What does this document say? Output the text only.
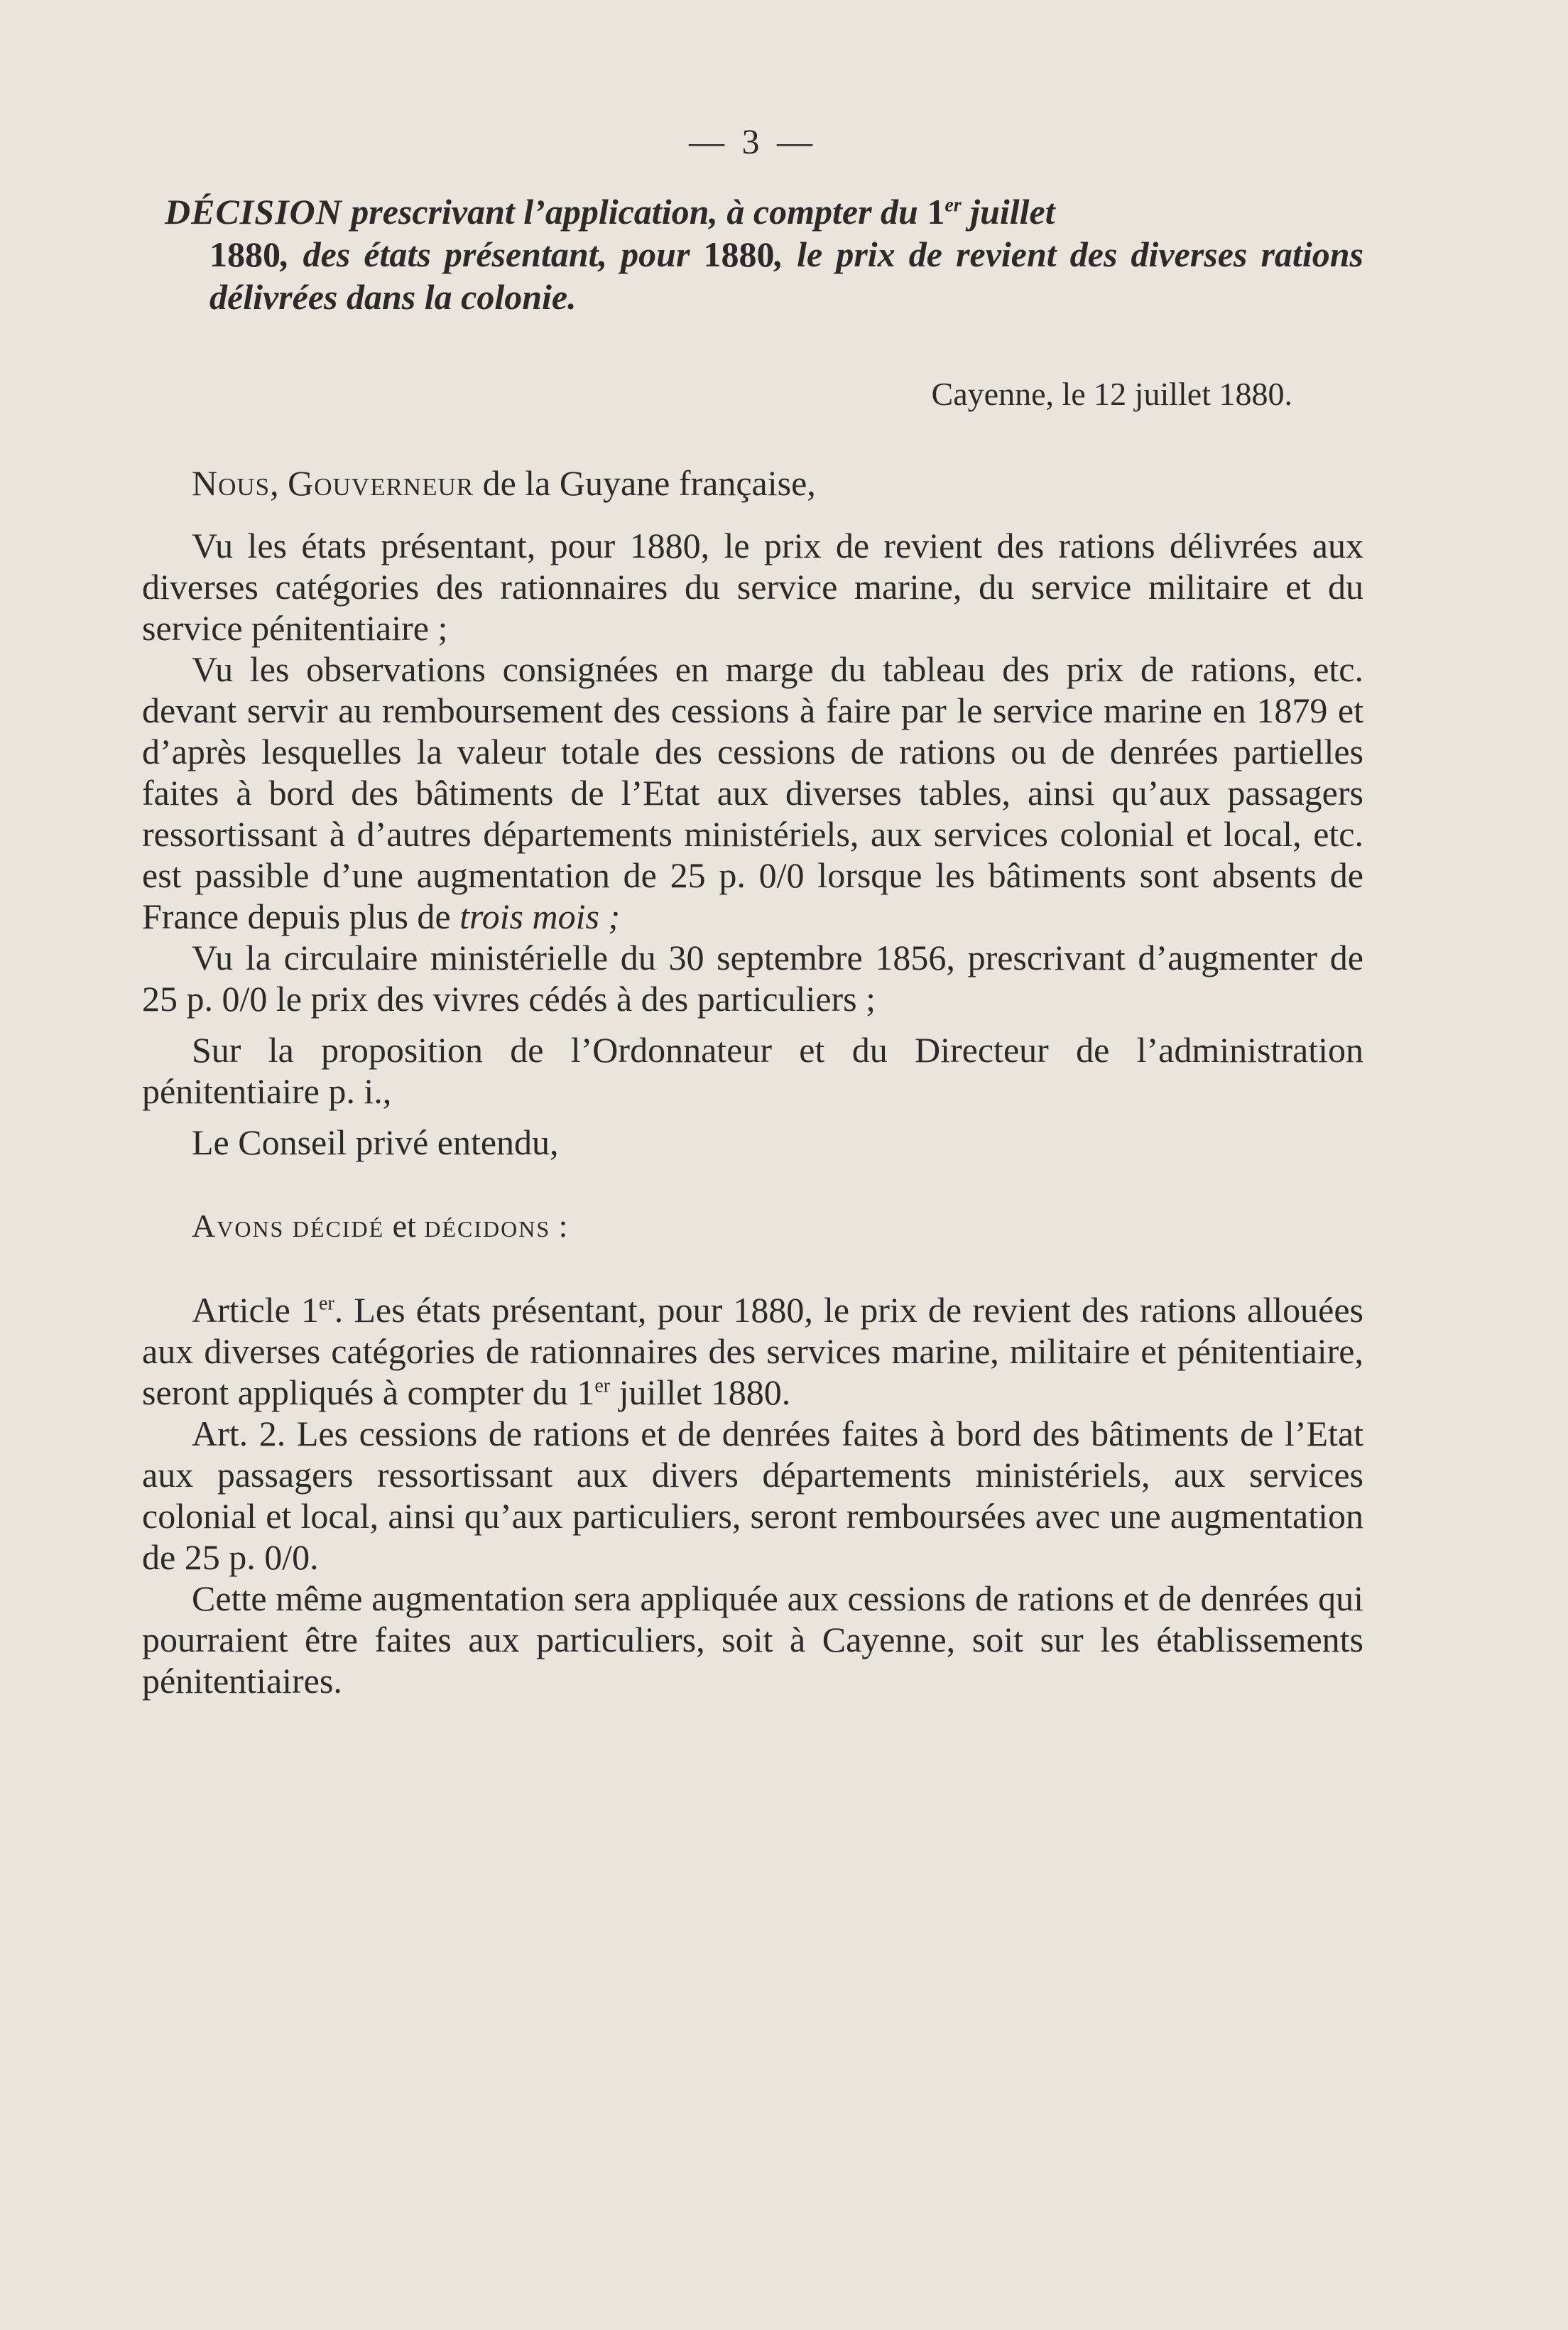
— 3 —

DÉCISION prescrivant l’application, à compter du 1er juillet
1880, des états présentant, pour 1880, le prix de revient des diverses rations délivrées dans la colonie.

Cayenne, le 12 juillet 1880.

Nous, Gouverneur de la Guyane française,

Vu les états présentant, pour 1880, le prix de revient des rations délivrées aux diverses catégories des rationnaires du service marine, du service militaire et du service pénitentiaire ;

Vu les observations consignées en marge du tableau des prix de rations, etc. devant servir au remboursement des cessions à faire par le service marine en 1879 et d’après lesquelles la valeur totale des cessions de rations ou de denrées partielles faites à bord des bâtiments de l’Etat aux diverses tables, ainsi qu’aux passagers ressortissant à d’autres départements ministériels, aux services colonial et local, etc. est passible d’une augmentation de 25 p. 0/0 lorsque les bâtiments sont absents de France depuis plus de trois mois ;

Vu la circulaire ministérielle du 30 septembre 1856, prescrivant d’augmenter de 25 p. 0/0 le prix des vivres cédés à des particuliers ;

Sur la proposition de l’Ordonnateur et du Directeur de l’administration pénitentiaire p. i.,

Le Conseil privé entendu,

Avons décidé et décidons :

Article 1er. Les états présentant, pour 1880, le prix de revient des rations allouées aux diverses catégories de rationnaires des services marine, militaire et pénitentiaire, seront appliqués à compter du 1er juillet 1880.

Art. 2. Les cessions de rations et de denrées faites à bord des bâtiments de l’Etat aux passagers ressortissant aux divers départements ministériels, aux services colonial et local, ainsi qu’aux particuliers, seront remboursées avec une augmentation de 25 p. 0/0.

Cette même augmentation sera appliquée aux cessions de rations et de denrées qui pourraient être faites aux particuliers, soit à Cayenne, soit sur les établissements pénitentiaires.
